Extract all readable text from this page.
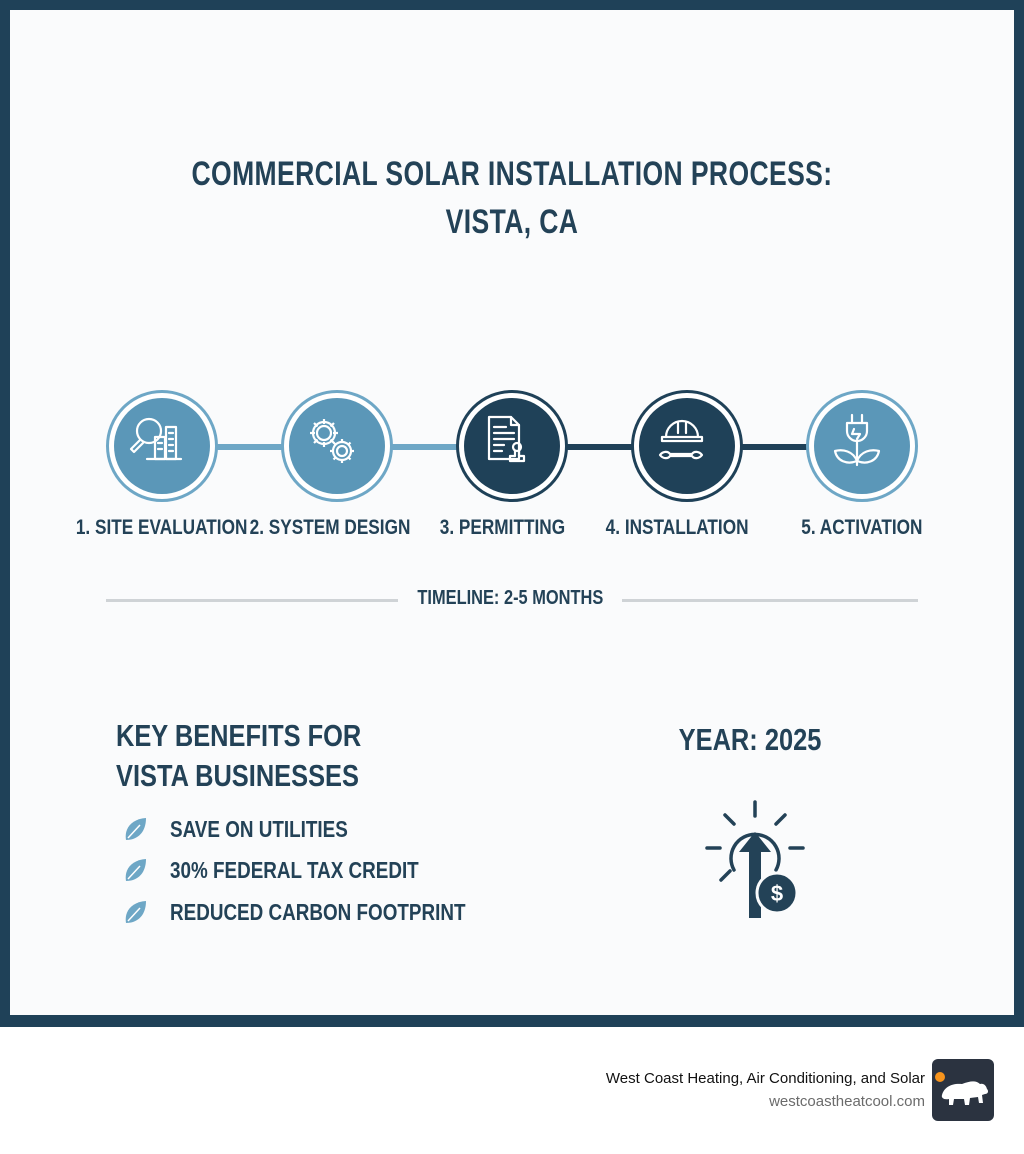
COMMERCIAL SOLAR INSTALLATION PROCESS:
VISTA, CA
1. SITE EVALUATION 2. SYSTEM DESIGN	3. PERMITTING	4. INSTALLATION	5. ACTIVATION
TIMELINE: 2-5 MONTHS
KEY BENEFITS FOR
VISTA BUSINESSES
SAVE ON UTILITIES
30% FEDERAL TAX CREDIT
REDUCED CARBON FOOTPRINT
YEAR: 2025
$
West Coast Heating, Air Conditioning, and Solar
westcoastheatcool.com
